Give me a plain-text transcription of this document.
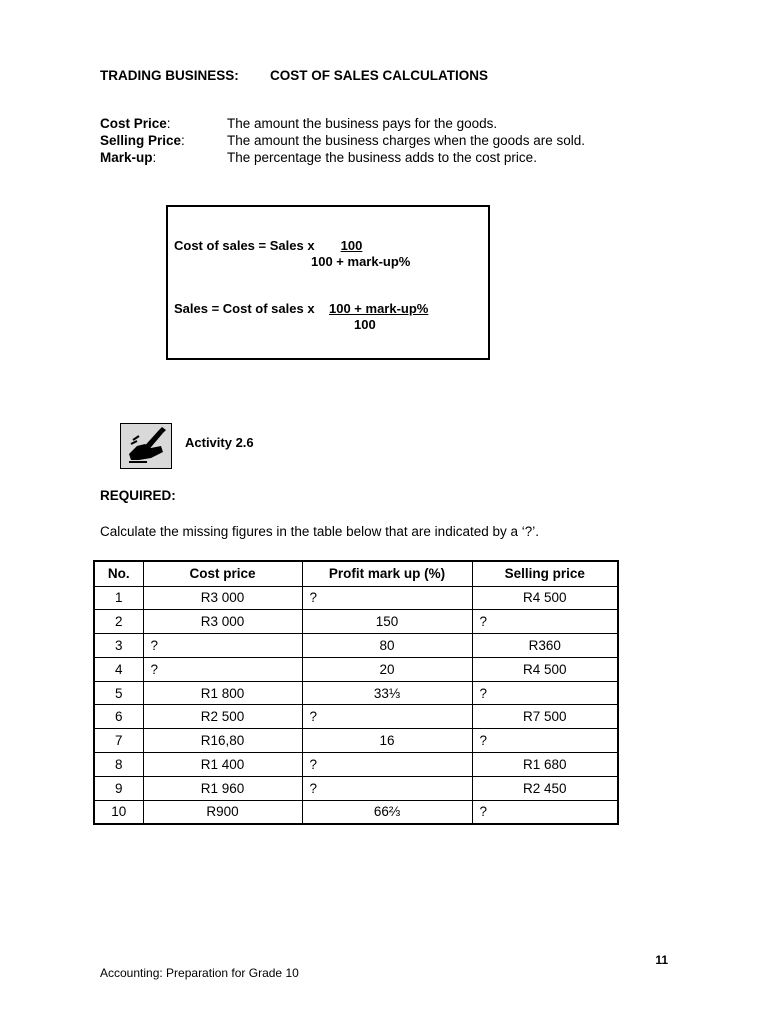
TRADING BUSINESS: COST OF SALES CALCULATIONS
Cost Price:	The amount the business pays for the goods.
Selling Price:	The amount the business charges when the goods are sold.
Mark-up:	The percentage the business adds to the cost price.
Cost of sales = Sales x	100
100 + mark-up%
Sales = Cost of sales x 100 + mark-up%
100
Activity 2.6
REQUIRED:
Calculate the missing figures in the table below that are indicated by a ‘?’.
No.	Cost price	Profit mark up (%)	Selling price
1	R3 000	?	R4 500
2	R3 000	150	?
3	?	80	R360
4	?	20	R4 500
5	R1 800	33⅓	?
6	R2 500	?	R7 500
7	R16,80	16	?
8	R1 400	?	R1 680
9	R1 960	?	R2 450
10	R900	66⅔	?
11
Accounting: Preparation for Grade 10
